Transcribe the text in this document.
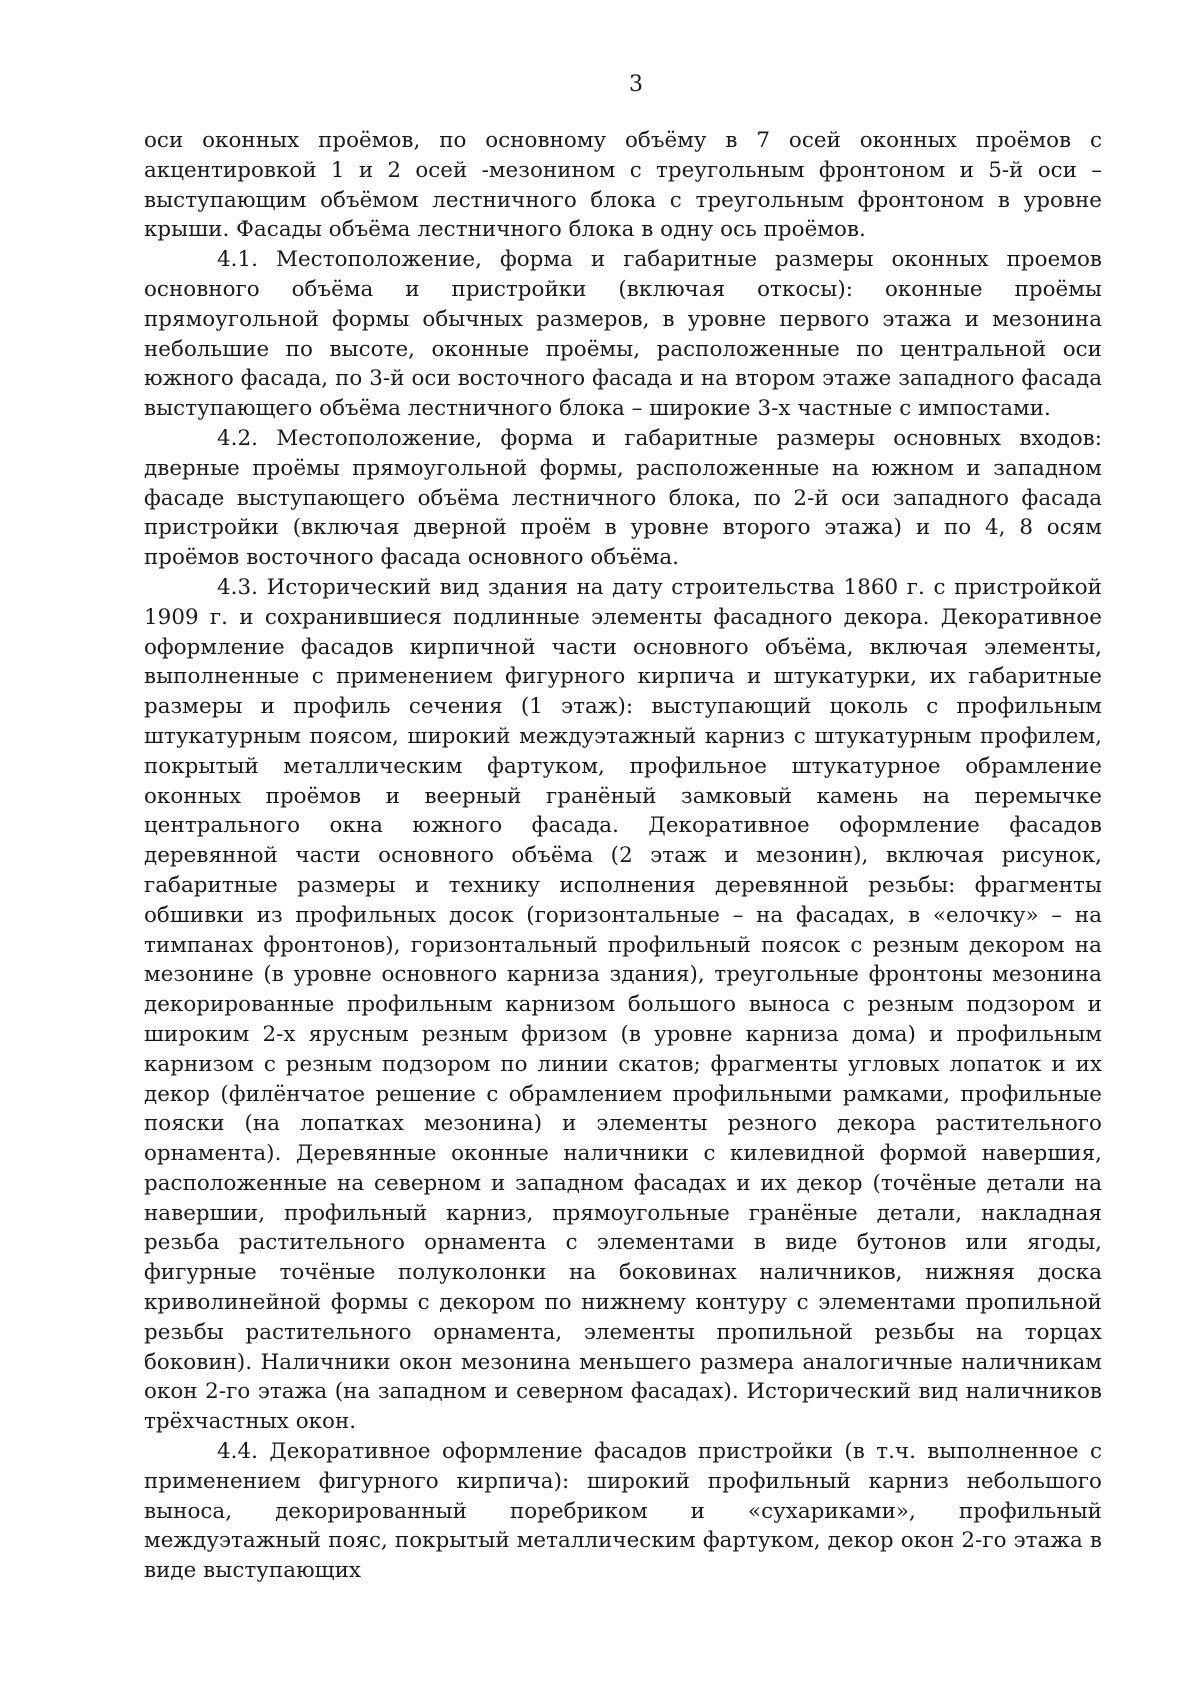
3

оси оконных проёмов, по основному объёму в 7 осей оконных проёмов с акцентировкой 1 и 2 осей -мезонином с треугольным фронтоном и 5-й оси – выступающим объёмом лестничного блока с треугольным фронтоном в уровне крыши. Фасады объёма лестничного блока в одну ось проёмов.

4.1. Местоположение, форма и габаритные размеры оконных проемов основного объёма и пристройки (включая откосы): оконные проёмы прямоугольной формы обычных размеров, в уровне первого этажа и мезонина небольшие по высоте, оконные проёмы, расположенные по центральной оси южного фасада, по 3-й оси восточного фасада и на втором этаже западного фасада выступающего объёма лестничного блока – широкие 3-х частные с импостами.

4.2. Местоположение, форма и габаритные размеры основных входов: дверные проёмы прямоугольной формы, расположенные на южном и западном фасаде выступающего объёма лестничного блока, по 2-й оси западного фасада пристройки (включая дверной проём в уровне второго этажа) и по 4, 8 осям проёмов восточного фасада основного объёма.

4.3. Исторический вид здания на дату строительства 1860 г. с пристройкой 1909 г. и сохранившиеся подлинные элементы фасадного декора. Декоративное оформление фасадов кирпичной части основного объёма, включая элементы, выполненные с применением фигурного кирпича и штукатурки, их габаритные размеры и профиль сечения (1 этаж): выступающий цоколь с профильным штукатурным поясом, широкий междуэтажный карниз с штукатурным профилем, покрытый металлическим фартуком, профильное штукатурное обрамление оконных проёмов и веерный гранёный замковый камень на перемычке центрального окна южного фасада. Декоративное оформление фасадов деревянной части основного объёма (2 этаж и мезонин), включая рисунок, габаритные размеры и технику исполнения деревянной резьбы: фрагменты обшивки из профильных досок (горизонтальные – на фасадах, в «елочку» – на тимпанах фронтонов), горизонтальный профильный поясок с резным декором на мезонине (в уровне основного карниза здания), треугольные фронтоны мезонина декорированные профильным карнизом большого выноса с резным подзором и широким 2-х ярусным резным фризом (в уровне карниза дома) и профильным карнизом с резным подзором по линии скатов; фрагменты угловых лопаток и их декор (филёнчатое решение с обрамлением профильными рамками, профильные пояски (на лопатках мезонина) и элементы резного декора растительного орнамента). Деревянные оконные наличники с килевидной формой навершия, расположенные на северном и западном фасадах и их декор (точёные детали на навершии, профильный карниз, прямоугольные гранёные детали, накладная резьба растительного орнамента с элементами в виде бутонов или ягоды, фигурные точёные полуколонки на боковинах наличников, нижняя доска криволинейной формы с декором по нижнему контуру с элементами пропильной резьбы растительного орнамента, элементы пропильной резьбы на торцах боковин). Наличники окон мезонина меньшего размера аналогичные наличникам окон 2-го этажа (на западном и северном фасадах). Исторический вид наличников трёхчастных окон.

4.4. Декоративное оформление фасадов пристройки (в т.ч. выполненное с применением фигурного кирпича): широкий профильный карниз небольшого выноса, декорированный поребриком и «сухариками», профильный междуэтажный пояс, покрытый металлическим фартуком, декор окон 2-го этажа в виде выступающих
